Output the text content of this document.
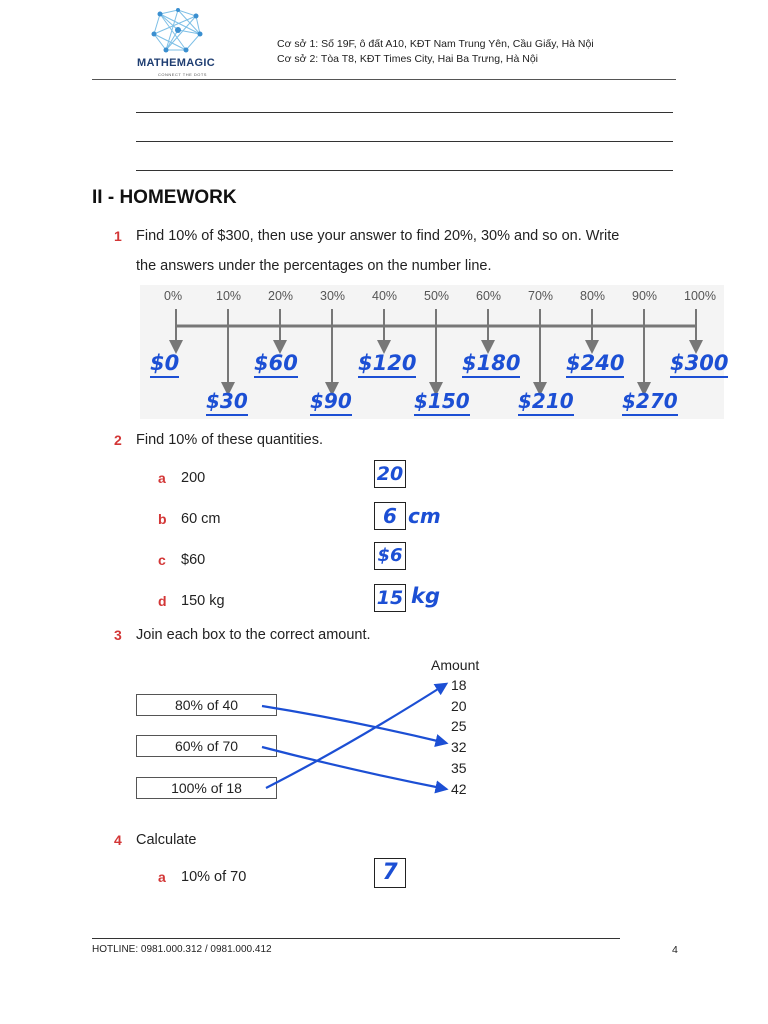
MATHEMAGIC
CONNECT THE DOTS
Cơ sở 1: Số 19F, ô đất A10, KĐT Nam Trung Yên, Cầu Giấy, Hà Nội
Cơ sở 2: Tòa T8, KĐT Times City, Hai Ba Trưng, Hà Nội
II - HOMEWORK
1 Find 10% of $300, then use your answer to find 20%, 30% and so on. Write
the answers under the percentages on the number line.
0%	10% 20% 30% 40% 50% 60% 70% 80% 90% 100%
$0
$30
$60
$90
$120
$150
$180
$210
$240
$270
$300
2 Find 10% of these quantities.
a 200	20
b 60 cm	6 cm
c $60	$6
d 150 kg	15 kg
3 Join each box to the correct amount.
Amount
80% of 40
60% of 70
100% of 18
18
20
25
32
35
42
4 Calculate
a 10% of 70	7
HOTLINE: 0981.000.312 / 0981.000.412	4
